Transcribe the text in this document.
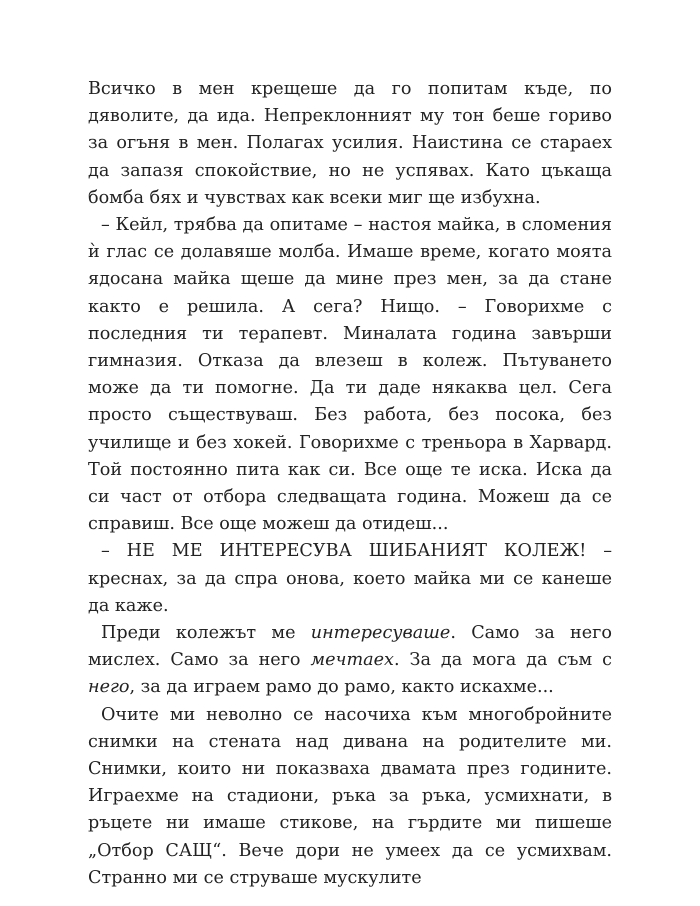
Всичко в мен крещеше да го попитам къде, по дяволите, да ида. Непреклонният му тон беше гориво за огъня в мен. Полагах усилия. Наистина се стараех да запазя спокойствие, но не успявах. Като цъкаща бомба бях и чувствах как всеки миг ще избухна.

– Кейл, трябва да опитаме – настоя майка, в сломения ѝ глас се долавяше молба. Имаше време, когато моята ядосана майка щеше да мине през мен, за да стане както е решила. А сега? Нищо. – Говорихме с последния ти терапевт. Миналата година завърши гимназия. Отказа да влезеш в колеж. Пътуването може да ти помогне. Да ти даде някаква цел. Сега просто съществуваш. Без работа, без посока, без училище и без хокей. Говорихме с треньора в Харвард. Той постоянно пита как си. Все още те иска. Иска да си част от отбора следващата година. Можеш да се справиш. Все още можеш да отидеш...

– НЕ МЕ ИНТЕРЕСУВА ШИБАНИЯТ КОЛЕЖ! – креснах, за да спра онова, което майка ми се канеше да каже.

Преди колежът ме интересуваше. Само за него мислех. Само за него мечтаех. За да мога да съм с него, за да играем рамо до рамо, както искахме...

Очите ми неволно се насочиха към многобройните снимки на стената над дивана на родителите ми. Снимки, които ни показваха двамата през годините. Играехме на стадиони, ръка за ръка, усмихнати, в ръцете ни имаше стикове, на гърдите ми пишеше „Отбор САЩ“. Вече дори не умеех да се усмихвам. Странно ми се струваше мускулите
